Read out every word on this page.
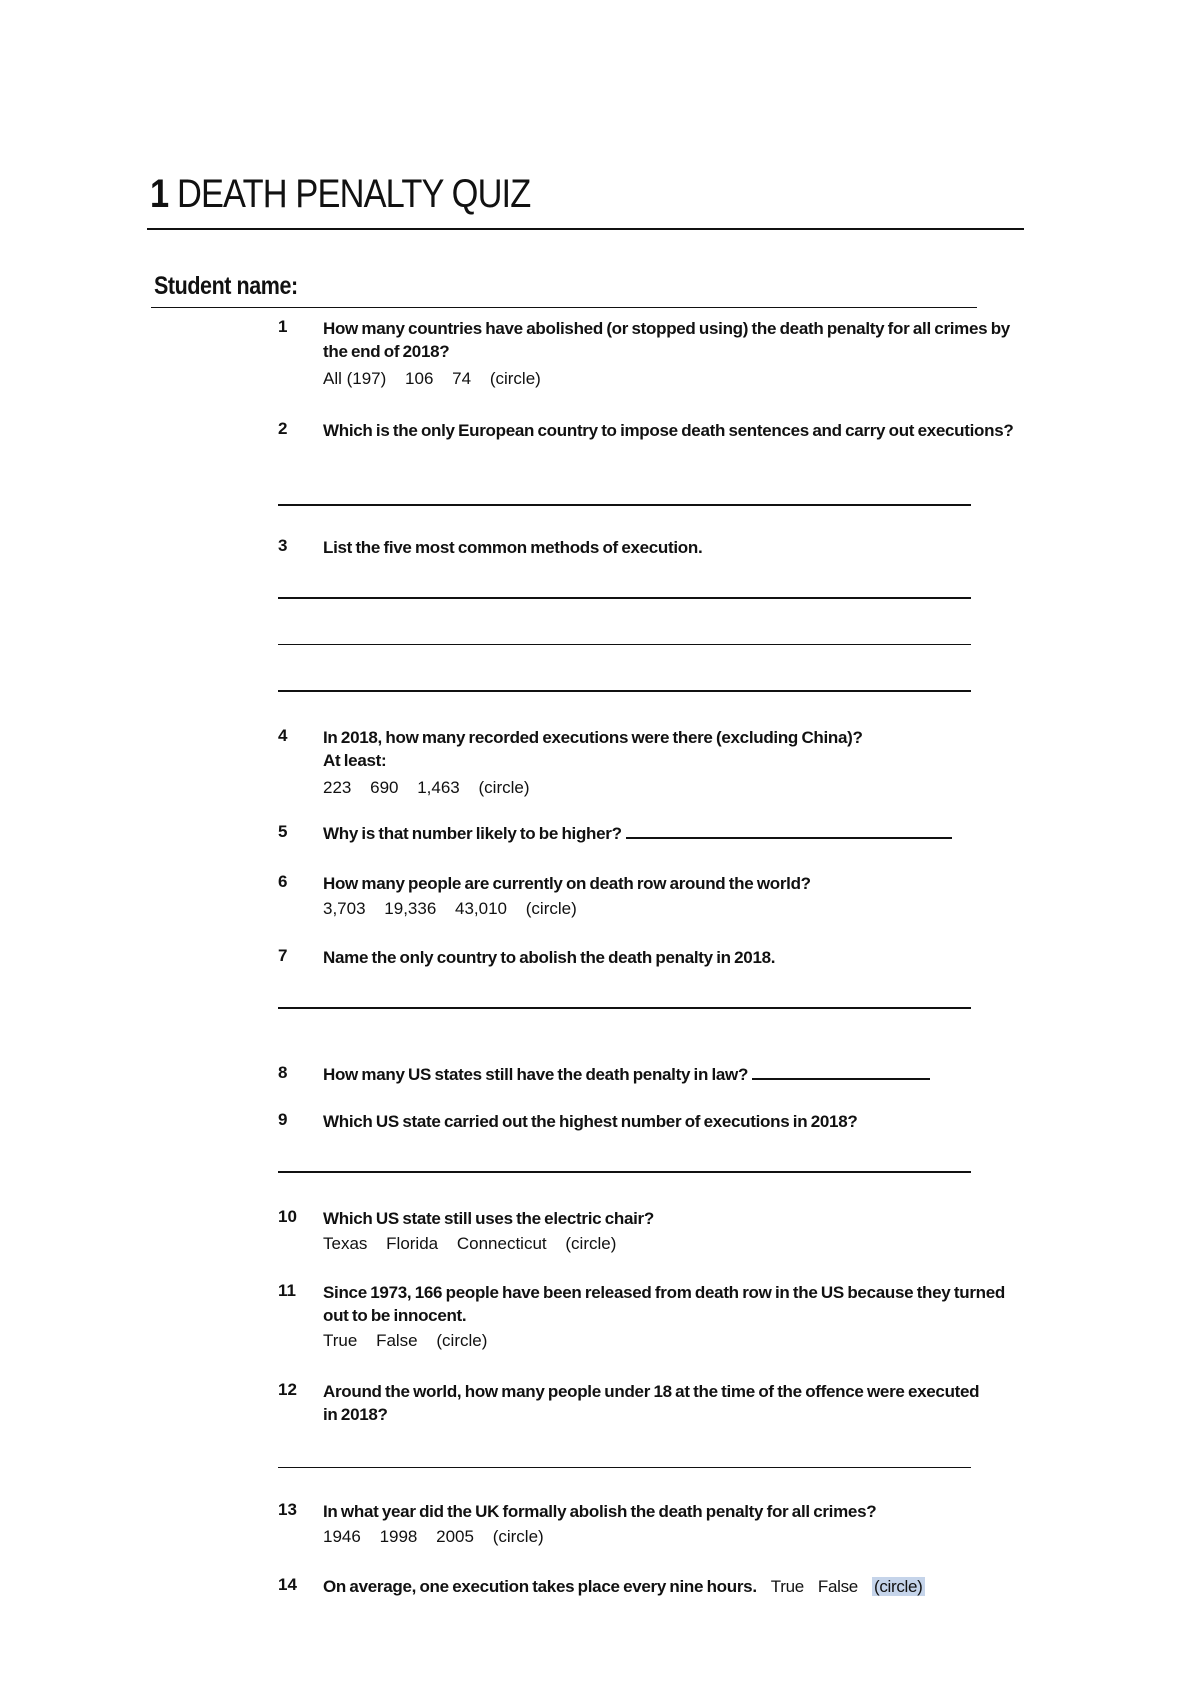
1 DEATH PENALTY QUIZ
Student name:
1	How many countries have abolished (or stopped using) the death penalty for all crimes by the end of 2018?

All (197) 106 74 (circle)
2	Which is the only European country to impose death sentences and carry out executions?

3	List the five most common methods of execution.

4	In 2018, how many recorded executions were there (excluding China)?

At least:

223 690 1,463 (circle)
5	Why is that number likely to be higher?

6	How many people are currently on death row around the world?

3,703 19,336 43,010 (circle)
7	Name the only country to abolish the death penalty in 2018.

8	How many US states still have the death penalty in law?

9	Which US state carried out the highest number of executions in 2018?

10	Which US state still uses the electric chair?

Texas Florida Connecticut (circle)
11	Since 1973, 166 people have been released from death row in the US because they turned out to be innocent.

True False (circle)
12	Around the world, how many people under 18 at the time of the offence were executed in 2018?

13	In what year did the UK formally abolish the death penalty for all crimes?

1946 1998 2005 (circle)
14	On average, one execution takes place every nine hours. True False (circle)
